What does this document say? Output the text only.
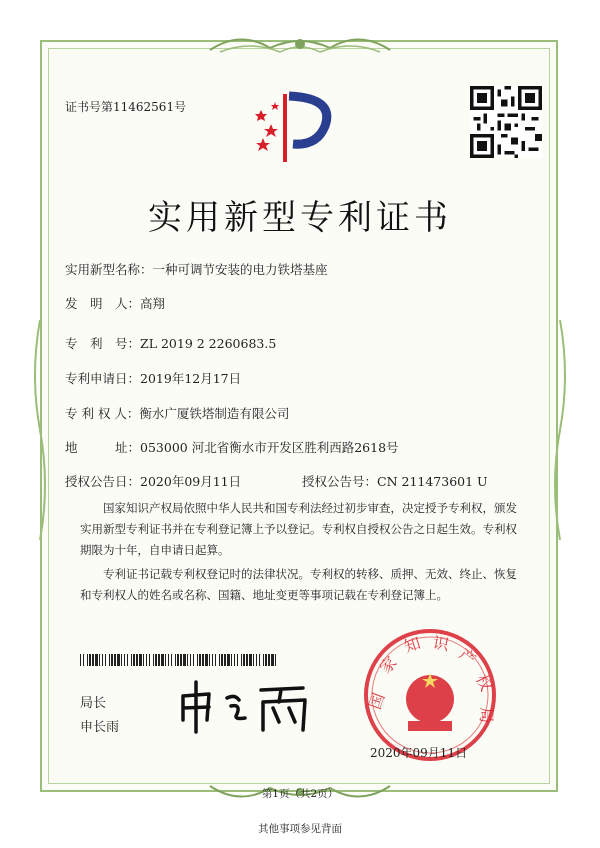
证书号第11462561号
实用新型专利证书
实用新型名称：一种可调节安装的电力铁塔基座
发　明　人：高翔
专　利　号：ZL 2019 2 2260683.5
专利申请日：2019年12月17日
专 利 权 人：衡水广厦铁塔制造有限公司
地　　　址：053000 河北省衡水市开发区胜利西路2618号
授权公告日：2020年09月11日	授权公告号：CN 211473601 U
国家知识产权局依照中华人民共和国专利法经过初步审查，决定授予专利权，颁发实用新型专利证书并在专利登记簿上予以登记。专利权自授权公告之日起生效。专利权期限为十年，自申请日起算。
专利证书记载专利权登记时的法律状况。专利权的转移、质押、无效、终止、恢复和专利权人的姓名或名称、国籍、地址变更等事项记载在专利登记簿上。
局长
申长雨
国
家
知 识
产
权
局
2020年09月11日
第1页（共2页）
其他事项参见背面
